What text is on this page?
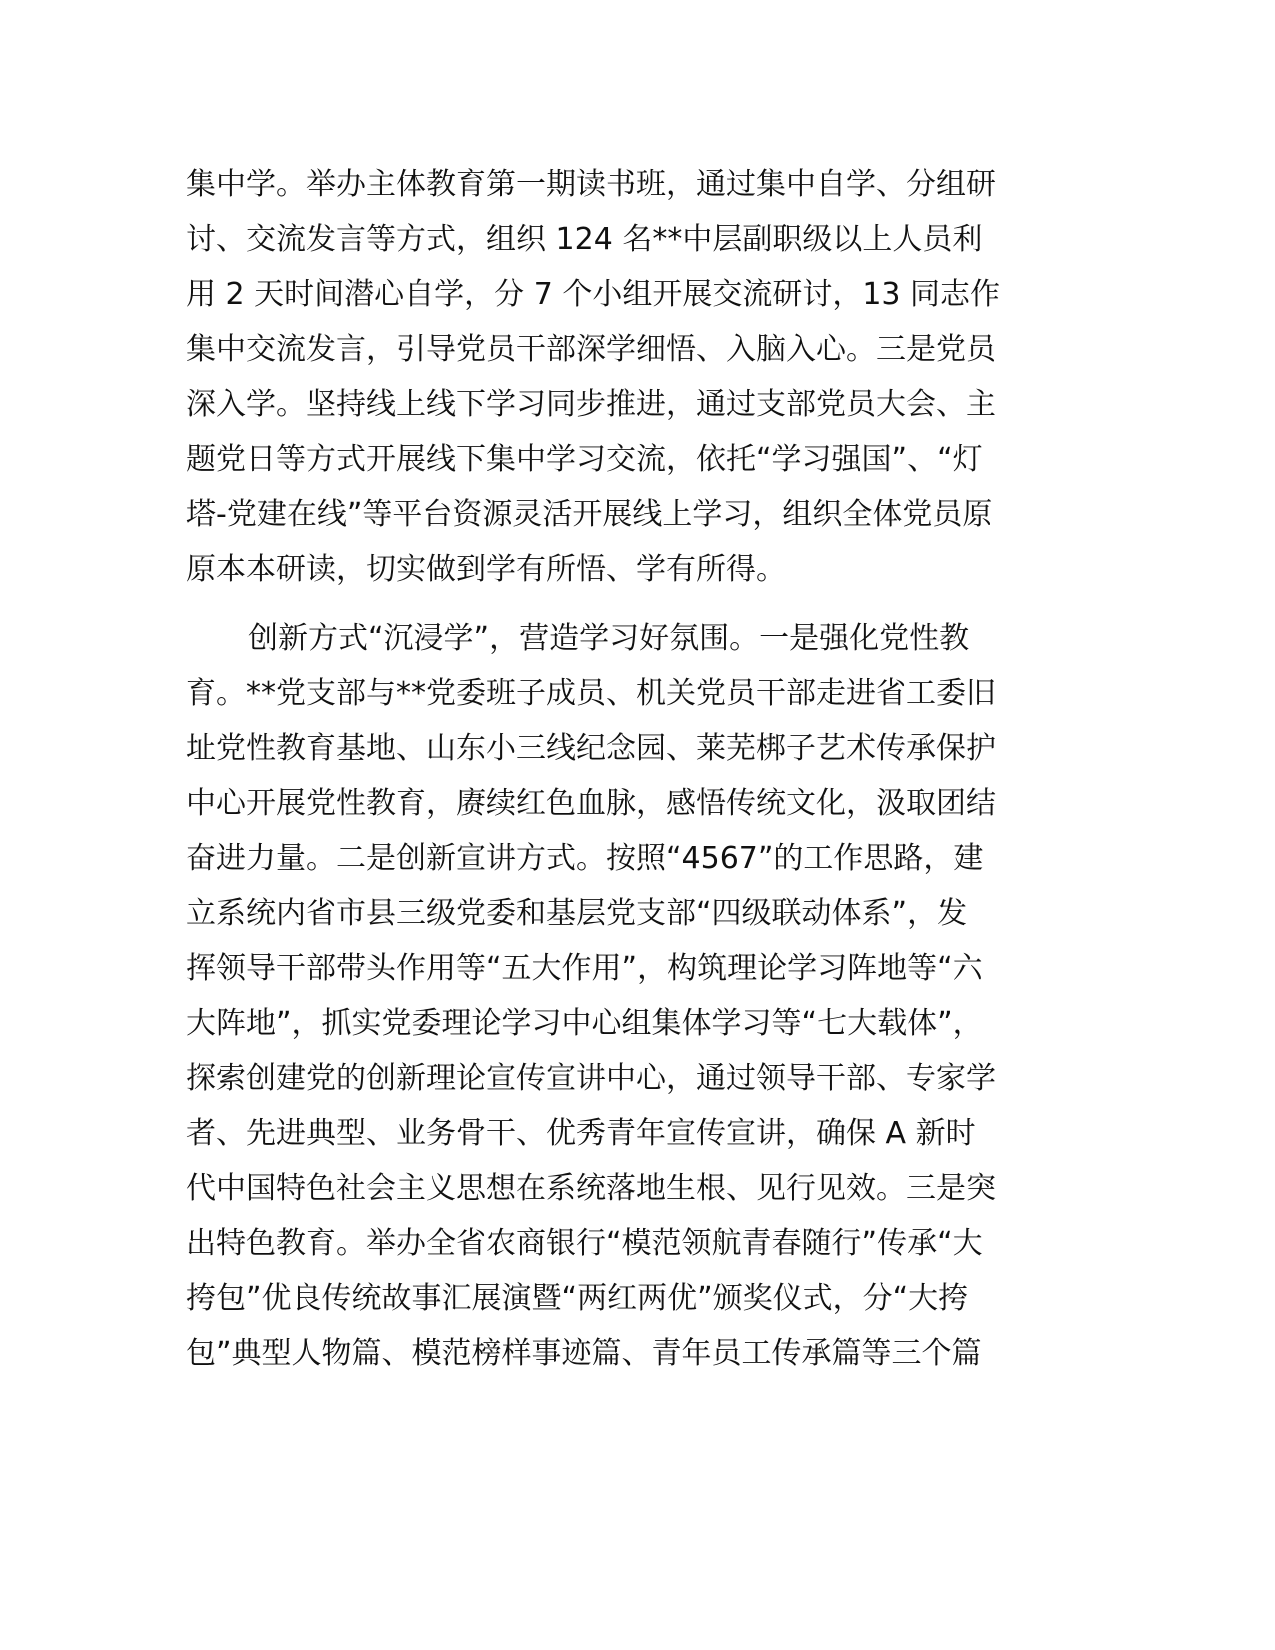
集中学。举办主体教育第一期读书班，通过集中自学、分组研
讨、交流发言等方式，组织 124 名**中层副职级以上人员利
用 2 天时间潜心自学，分 7 个小组开展交流研讨，13 同志作
集中交流发言，引导党员干部深学细悟、入脑入心。三是党员
深入学。坚持线上线下学习同步推进，通过支部党员大会、主
题党日等方式开展线下集中学习交流，依托“学习强国”、“灯
塔-党建在线”等平台资源灵活开展线上学习，组织全体党员原
原本本研读，切实做到学有所悟、学有所得。
创新方式“沉浸学”，营造学习好氛围。一是强化党性教
育。**党支部与**党委班子成员、机关党员干部走进省工委旧
址党性教育基地、山东小三线纪念园、莱芜梆子艺术传承保护
中心开展党性教育，赓续红色血脉，感悟传统文化，汲取团结
奋进力量。二是创新宣讲方式。按照“4567”的工作思路，建
立系统内省市县三级党委和基层党支部“四级联动体系”，发
挥领导干部带头作用等“五大作用”，构筑理论学习阵地等“六
大阵地”，抓实党委理论学习中心组集体学习等“七大载体”，
探索创建党的创新理论宣传宣讲中心，通过领导干部、专家学
者、先进典型、业务骨干、优秀青年宣传宣讲，确保 A 新时
代中国特色社会主义思想在系统落地生根、见行见效。三是突
出特色教育。举办全省农商银行“模范领航青春随行”传承“大
挎包”优良传统故事汇展演暨“两红两优”颁奖仪式，分“大挎
包”典型人物篇、模范榜样事迹篇、青年员工传承篇等三个篇
